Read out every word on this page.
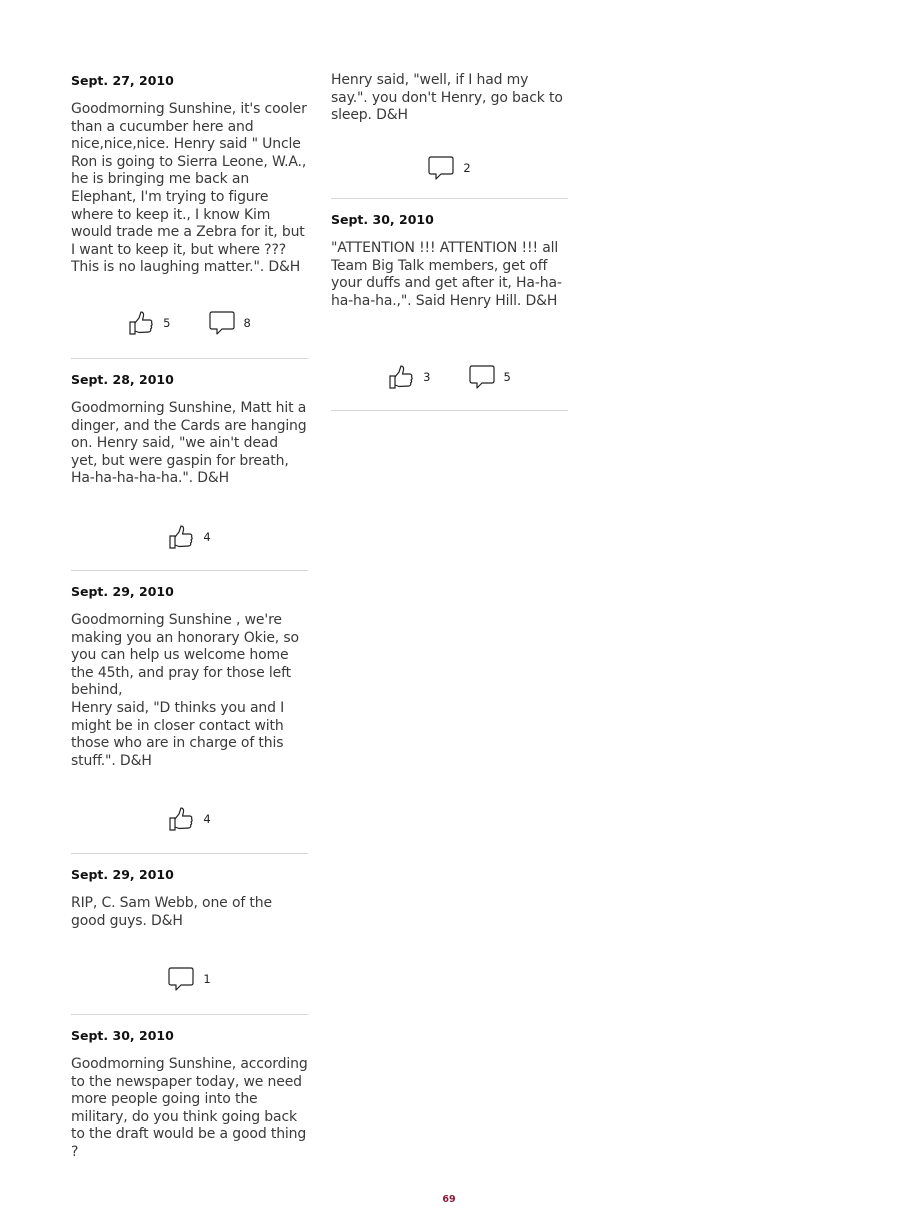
Sept. 27, 2010
Goodmorning Sunshine, it's cooler than a cucumber here and nice,nice,nice. Henry said " Uncle Ron is going to Sierra Leone, W.A., he is bringing me back an Elephant, I'm trying to figure where to keep it., I know Kim would trade me a Zebra for it, but I want to keep it, but where ??? This is no laughing matter.". D&H
5	8
Sept. 28, 2010
Goodmorning Sunshine, Matt hit a dinger, and the Cards are hanging on. Henry said, "we ain't dead yet, but were gaspin for breath, Ha-ha-ha-ha-ha.". D&H
4
Sept. 29, 2010
Goodmorning Sunshine , we're making you an honorary Okie, so you can help us welcome home the 45th, and pray for those left behind,
Henry said, "D thinks you and I might be in closer contact with those who are in charge of this stuff.". D&H
4
Sept. 29, 2010
RIP, C. Sam Webb, one of the good guys. D&H
1
Sept. 30, 2010
Goodmorning Sunshine, according to the newspaper today, we need more people going into the military, do you think going back to the draft would be a good thing ?
Henry said, "well, if I had my say.". you don't Henry, go back to sleep. D&H
2
Sept. 30, 2010
"ATTENTION !!! ATTENTION !!! all Team Big Talk members, get off your duffs and get after it, Ha-ha-ha-ha-ha.,". Said Henry Hill. D&H
3	5
69
